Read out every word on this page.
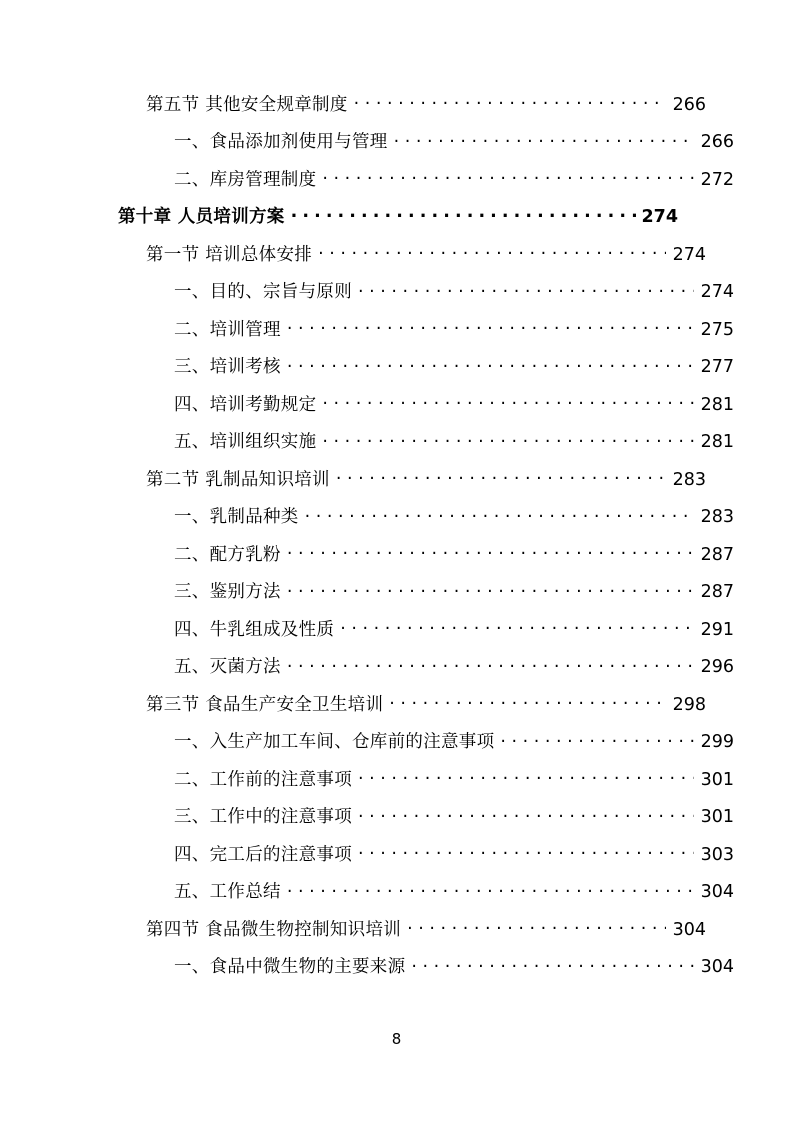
第五节 其他安全规章制度 . . .	266
一、食品添加剂使用与管理 . . .	266
二、库房管理制度 . . .	272
第十章 人员培训方案 . . .	274
第一节 培训总体安排 . . .	274
一、目的、宗旨与原则 . . .	274
二、培训管理 . . .	275
三、培训考核 . . .	277
四、培训考勤规定 . . .	281
五、培训组织实施 . . .	281
第二节 乳制品知识培训 . . .	283
一、乳制品种类 . . .	283
二、配方乳粉 . . .	287
三、鉴别方法 . . .	287
四、牛乳组成及性质 . . .	291
五、灭菌方法 . . .	296
第三节 食品生产安全卫生培训 . . .	298
一、入生产加工车间、仓库前的注意事项 . . .	299
二、工作前的注意事项 . . .	301
三、工作中的注意事项 . . .	301
四、完工后的注意事项 . . .	303
五、工作总结 . . .	304
第四节 食品微生物控制知识培训 . . .	304
一、食品中微生物的主要来源 . . .	304
8
